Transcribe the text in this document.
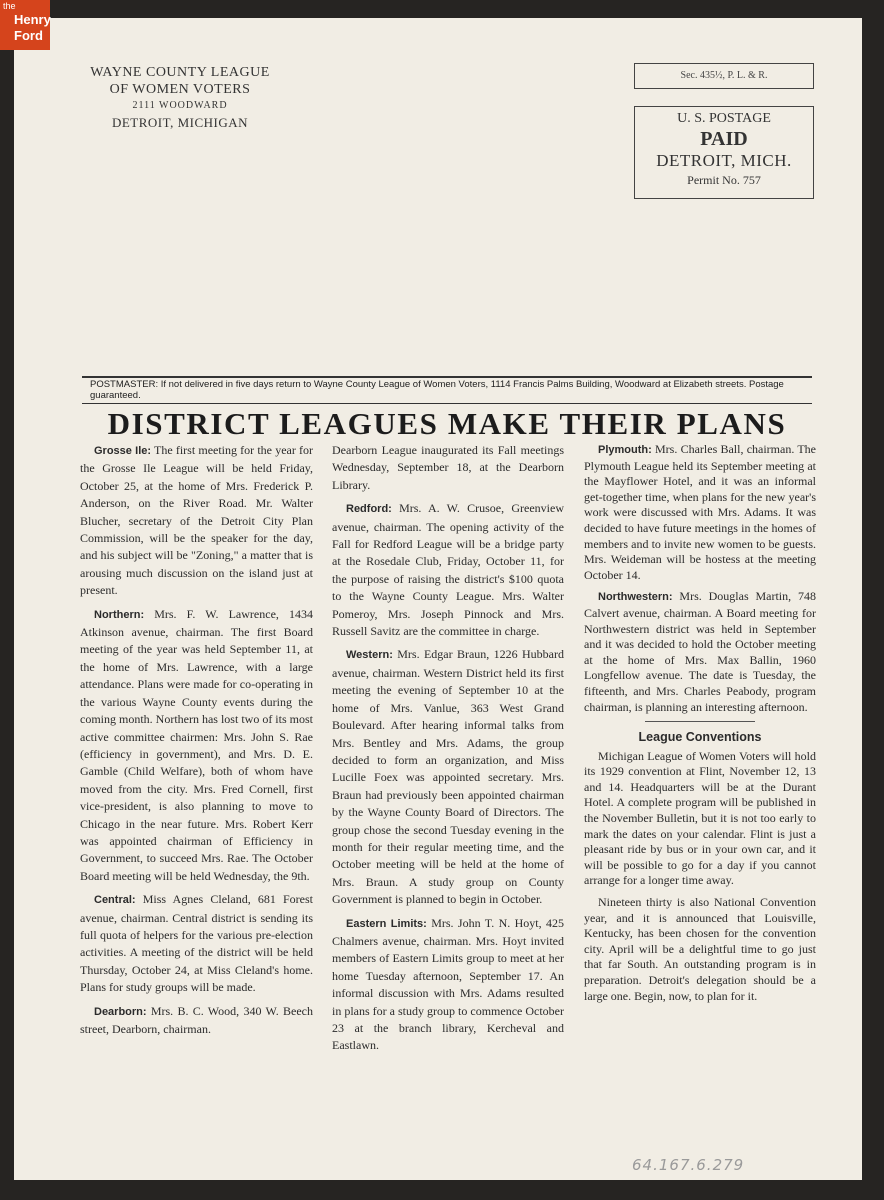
the
Henry
Ford
WAYNE COUNTY LEAGUE
OF WOMEN VOTERS
2111 WOODWARD
DETROIT, MICHIGAN
Sec. 435½, P. L. & R.
U. S. POSTAGE
PAID
DETROIT, MICH.
Permit No. 757
POSTMASTER: If not delivered in five days return to Wayne County League of Women Voters, 1114 Francis Palms Building, Woodward at Elizabeth streets. Postage guaranteed.
DISTRICT LEAGUES MAKE THEIR PLANS

Grosse Ile: The first meeting for the year for the Grosse Ile League will be held Friday, October 25, at the home of Mrs. Frederick P. Anderson, on the River Road. Mr. Walter Blucher, secretary of the Detroit City Plan Commission, will be the speaker for the day, and his subject will be "Zoning," a matter that is arousing much discussion on the island just at present.

Northern: Mrs. F. W. Lawrence, 1434 Atkinson avenue, chairman. The first Board meeting of the year was held September 11, at the home of Mrs. Lawrence, with a large attendance. Plans were made for co-operating in the various Wayne County events during the coming month. Northern has lost two of its most active committee chairmen: Mrs. John S. Rae (efficiency in government), and Mrs. D. E. Gamble (Child Welfare), both of whom have moved from the city. Mrs. Fred Cornell, first vice-president, is also planning to move to Chicago in the near future. Mrs. Robert Kerr was appointed chairman of Efficiency in Government, to succeed Mrs. Rae. The October Board meeting will be held Wednesday, the 9th.

Central: Miss Agnes Cleland, 681 Forest avenue, chairman. Central district is sending its full quota of helpers for the various pre-election activities. A meeting of the district will be held Thursday, October 24, at Miss Cleland's home. Plans for study groups will be made.

Dearborn: Mrs. B. C. Wood, 340 W. Beech street, Dearborn, chairman.

Dearborn League inaugurated its Fall meetings Wednesday, September 18, at the Dearborn Library.

Redford: Mrs. A. W. Crusoe, Greenview avenue, chairman. The opening activity of the Fall for Redford League will be a bridge party at the Rosedale Club, Friday, October 11, for the purpose of raising the district's $100 quota to the Wayne County League. Mrs. Walter Pomeroy, Mrs. Joseph Pinnock and Mrs. Russell Savitz are the committee in charge.

Western: Mrs. Edgar Braun, 1226 Hubbard avenue, chairman. Western District held its first meeting the evening of September 10 at the home of Mrs. Vanlue, 363 West Grand Boulevard. After hearing informal talks from Mrs. Bentley and Mrs. Adams, the group decided to form an organization, and Miss Lucille Foex was appointed secretary. Mrs. Braun had previously been appointed chairman by the Wayne County Board of Directors. The group chose the second Tuesday evening in the month for their regular meeting time, and the October meeting will be held at the home of Mrs. Braun. A study group on County Government is planned to begin in October.

Eastern Limits: Mrs. John T. N. Hoyt, 425 Chalmers avenue, chairman. Mrs. Hoyt invited members of Eastern Limits group to meet at her home Tuesday afternoon, September 17. An informal discussion with Mrs. Adams resulted in plans for a study group to commence October 23 at the branch library, Kercheval and Eastlawn.

Plymouth: Mrs. Charles Ball, chairman. The Plymouth League held its September meeting at the Mayflower Hotel, and it was an informal get-together time, when plans for the new year's work were discussed with Mrs. Adams. It was decided to have future meetings in the homes of members and to invite new women to be guests. Mrs. Weideman will be hostess at the meeting October 14.

Northwestern: Mrs. Douglas Martin, 748 Calvert avenue, chairman. A Board meeting for Northwestern district was held in September and it was decided to hold the October meeting at the home of Mrs. Max Ballin, 1960 Longfellow avenue. The date is Tuesday, the fifteenth, and Mrs. Charles Peabody, program chairman, is planning an interesting afternoon.

League Conventions

Michigan League of Women Voters will hold its 1929 convention at Flint, November 12, 13 and 14. Headquarters will be at the Durant Hotel. A complete program will be published in the November Bulletin, but it is not too early to mark the dates on your calendar. Flint is just a pleasant ride by bus or in your own car, and it will be possible to go for a day if you cannot arrange for a longer time away.

Nineteen thirty is also National Convention year, and it is announced that Louisville, Kentucky, has been chosen for the convention city. April will be a delightful time to go just that far South. An outstanding program is in preparation. Detroit's delegation should be a large one. Begin, now, to plan for it.

64.167.6.279
